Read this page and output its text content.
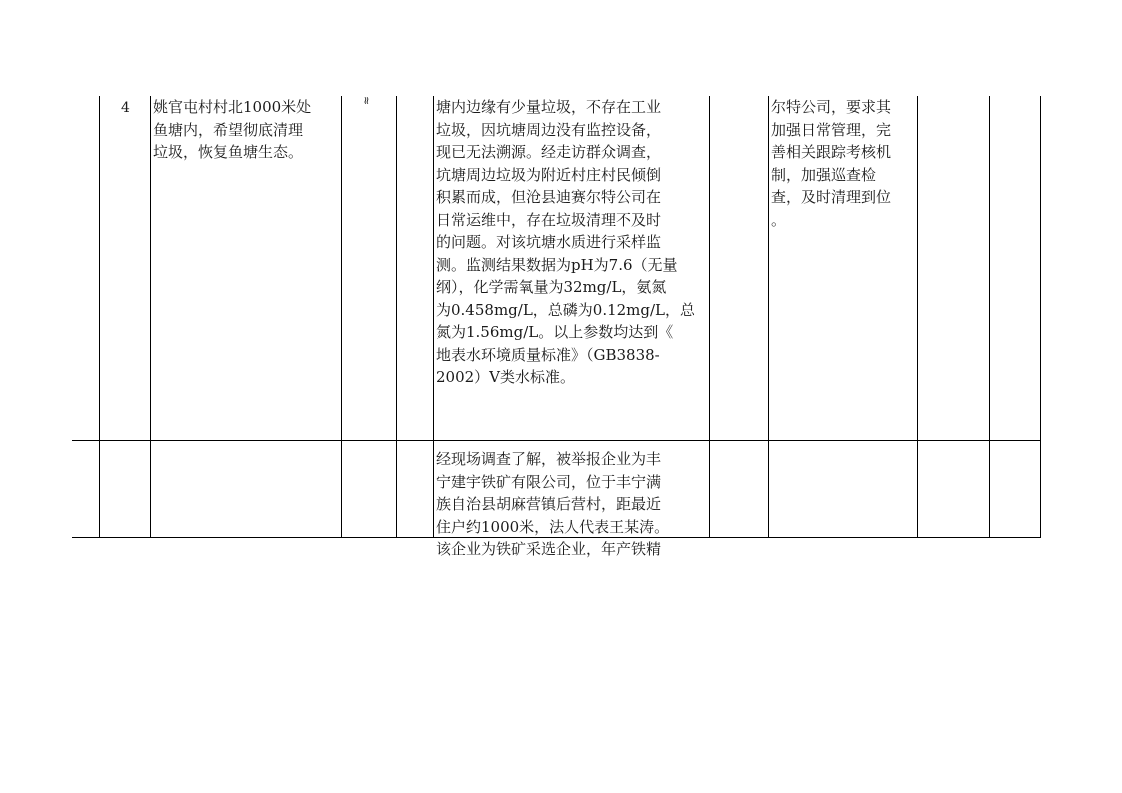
4 姚官屯村村北1000米处
鱼塘内，希望彻底清理
垃圾，恢复鱼塘生态。
≈	塘内边缘有少量垃圾，不存在工业
垃圾，因坑塘周边没有监控设备，
现已无法溯源。经走访群众调查，
坑塘周边垃圾为附近村庄村民倾倒
积累而成，但沧县迪赛尔特公司在
日常运维中，存在垃圾清理不及时
的问题。对该坑塘水质进行采样监
测。监测结果数据为pH为7.6（无量
纲），化学需氧量为32mg/L，氨氮
为0.458mg/L，总磷为0.12mg/L，总
氮为1.56mg/L。以上参数均达到《
地表水环境质量标准》（GB3838-
2002）V类水标准。
尔特公司，要求其
加强日常管理，完
善相关跟踪考核机
制，加强巡查检
查，及时清理到位
。
经现场调查了解，被举报企业为丰
宁建宇铁矿有限公司，位于丰宁满
族自治县胡麻营镇后营村，距最近
住户约1000米，法人代表王某涛。
该企业为铁矿采选企业，年产铁精
